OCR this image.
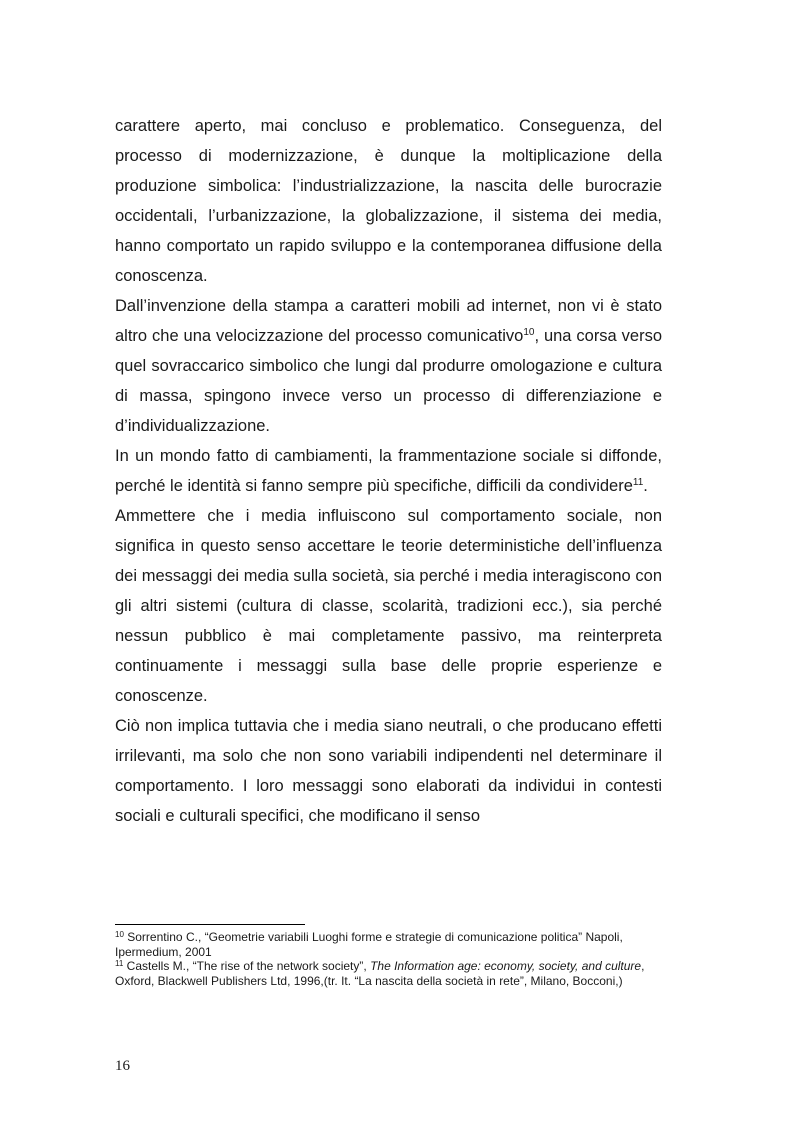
carattere aperto, mai concluso e problematico. Conseguenza, del processo di modernizzazione, è dunque la moltiplicazione della produzione simbolica: l’industrializzazione, la nascita delle burocrazie occidentali, l’urbanizzazione, la globalizzazione, il sistema dei media, hanno comportato un rapido sviluppo e la contemporanea diffusione della conoscenza.

Dall’invenzione della stampa a caratteri mobili ad internet, non vi è stato altro che una velocizzazione del processo comunicativo$^{10}$, una corsa verso quel sovraccarico simbolico che lungi dal produrre omologazione e cultura di massa, spingono invece verso un processo di differenziazione e d’individualizzazione.

In un mondo fatto di cambiamenti, la frammentazione sociale si diffonde, perché le identità si fanno sempre più specifiche, difficili da condividere$^{11}$.

Ammettere che i media influiscono sul comportamento sociale, non significa in questo senso accettare le teorie deterministiche dell’influenza dei messaggi dei media sulla società, sia perché i media interagiscono con gli altri sistemi (cultura di classe, scolarità, tradizioni ecc.), sia perché nessun pubblico è mai completamente passivo, ma reinterpreta continuamente i messaggi sulla base delle proprie esperienze e conoscenze.

Ciò non implica tuttavia che i media siano neutrali, o che producano effetti irrilevanti, ma solo che non sono variabili indipendenti nel determinare il comportamento. I loro messaggi sono elaborati da individui in contesti sociali e culturali specifici, che modificano il senso

$^{10}$ Sorrentino C., “Geometrie variabili Luoghi forme e strategie di comunicazione politica” Napoli, Ipermedium, 2001

$^{11}$ Castells M., “The rise of the network society”, The Information age: economy, society, and culture, Oxford, Blackwell Publishers Ltd, 1996,(tr. It. “La nascita della società in rete”, Milano, Bocconi,)

16
